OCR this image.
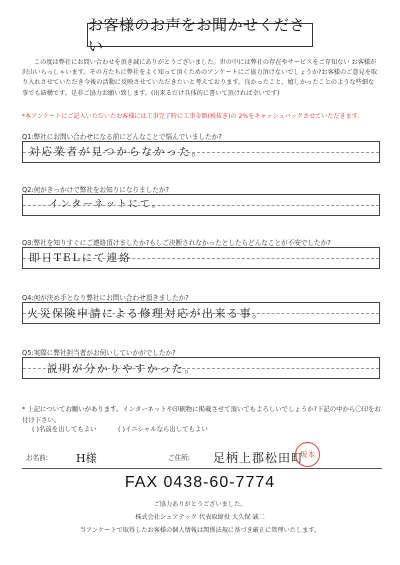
お客様のお声をお聞かせください

この度は弊社にお問い合わせを頂き誠にありがとうございました。世の中には弊社の存在やサービスをご存知ない お客様が沢山いらっしゃいます。その方たちに弊社をよく知って頂くためのアンケートにご協力頂けないでしょうか?お客様のご意見を取り入れさせていただき今後の活動に反映させていただきたいと考えております。良かったこと、嬉しかったことのような些細な事でも結構です。是非ご協力お願い致します。(出来るだけ具体的に書いて頂ければ幸いです)

*本アンケートにご記入いただいたお客様には工事完了時に工事金額(税抜き)の 2%をキャッシュバックさせていただきます。
Q1:弊社にお問い合わせになる前にどんなことで悩んでいましたか?
対応業者が見つからなかった。
Q2:何がきっかけで弊社をお知りになりましたか?
インターネットにて。
Q3:弊社を知りすぐにご連絡頂けましたか?もしご決断されなかったとしたらどんなことが不安でしたか?
即日TELにて連絡
Q4:何が決め手となり弊社にお問い合わせ頂きましたか?
火災保険申請による修理対応が出来る事。
Q5:実際に弊社担当者がお伺いしていかがでしたか?
説明が分かりやすかった。
* 上記についてお願いがあります。インターネットや印刷物に掲載させて頂いてもよろしいでしょうか?下記の中から〇印をお付け下さい。
( )名前を出してもよい	( )イニシャルなら出してもよい
お名前:	H様	ご住所: 足柄上郡松田町
坂本
FAX 0438-60-7774
ご協力ありがとうございました。
株式会社シェアテック 代表取締役 大久保 誠二
当アンケートで取得したお客様の個人情報は関係法規に基づき厳正に管理いたします。
